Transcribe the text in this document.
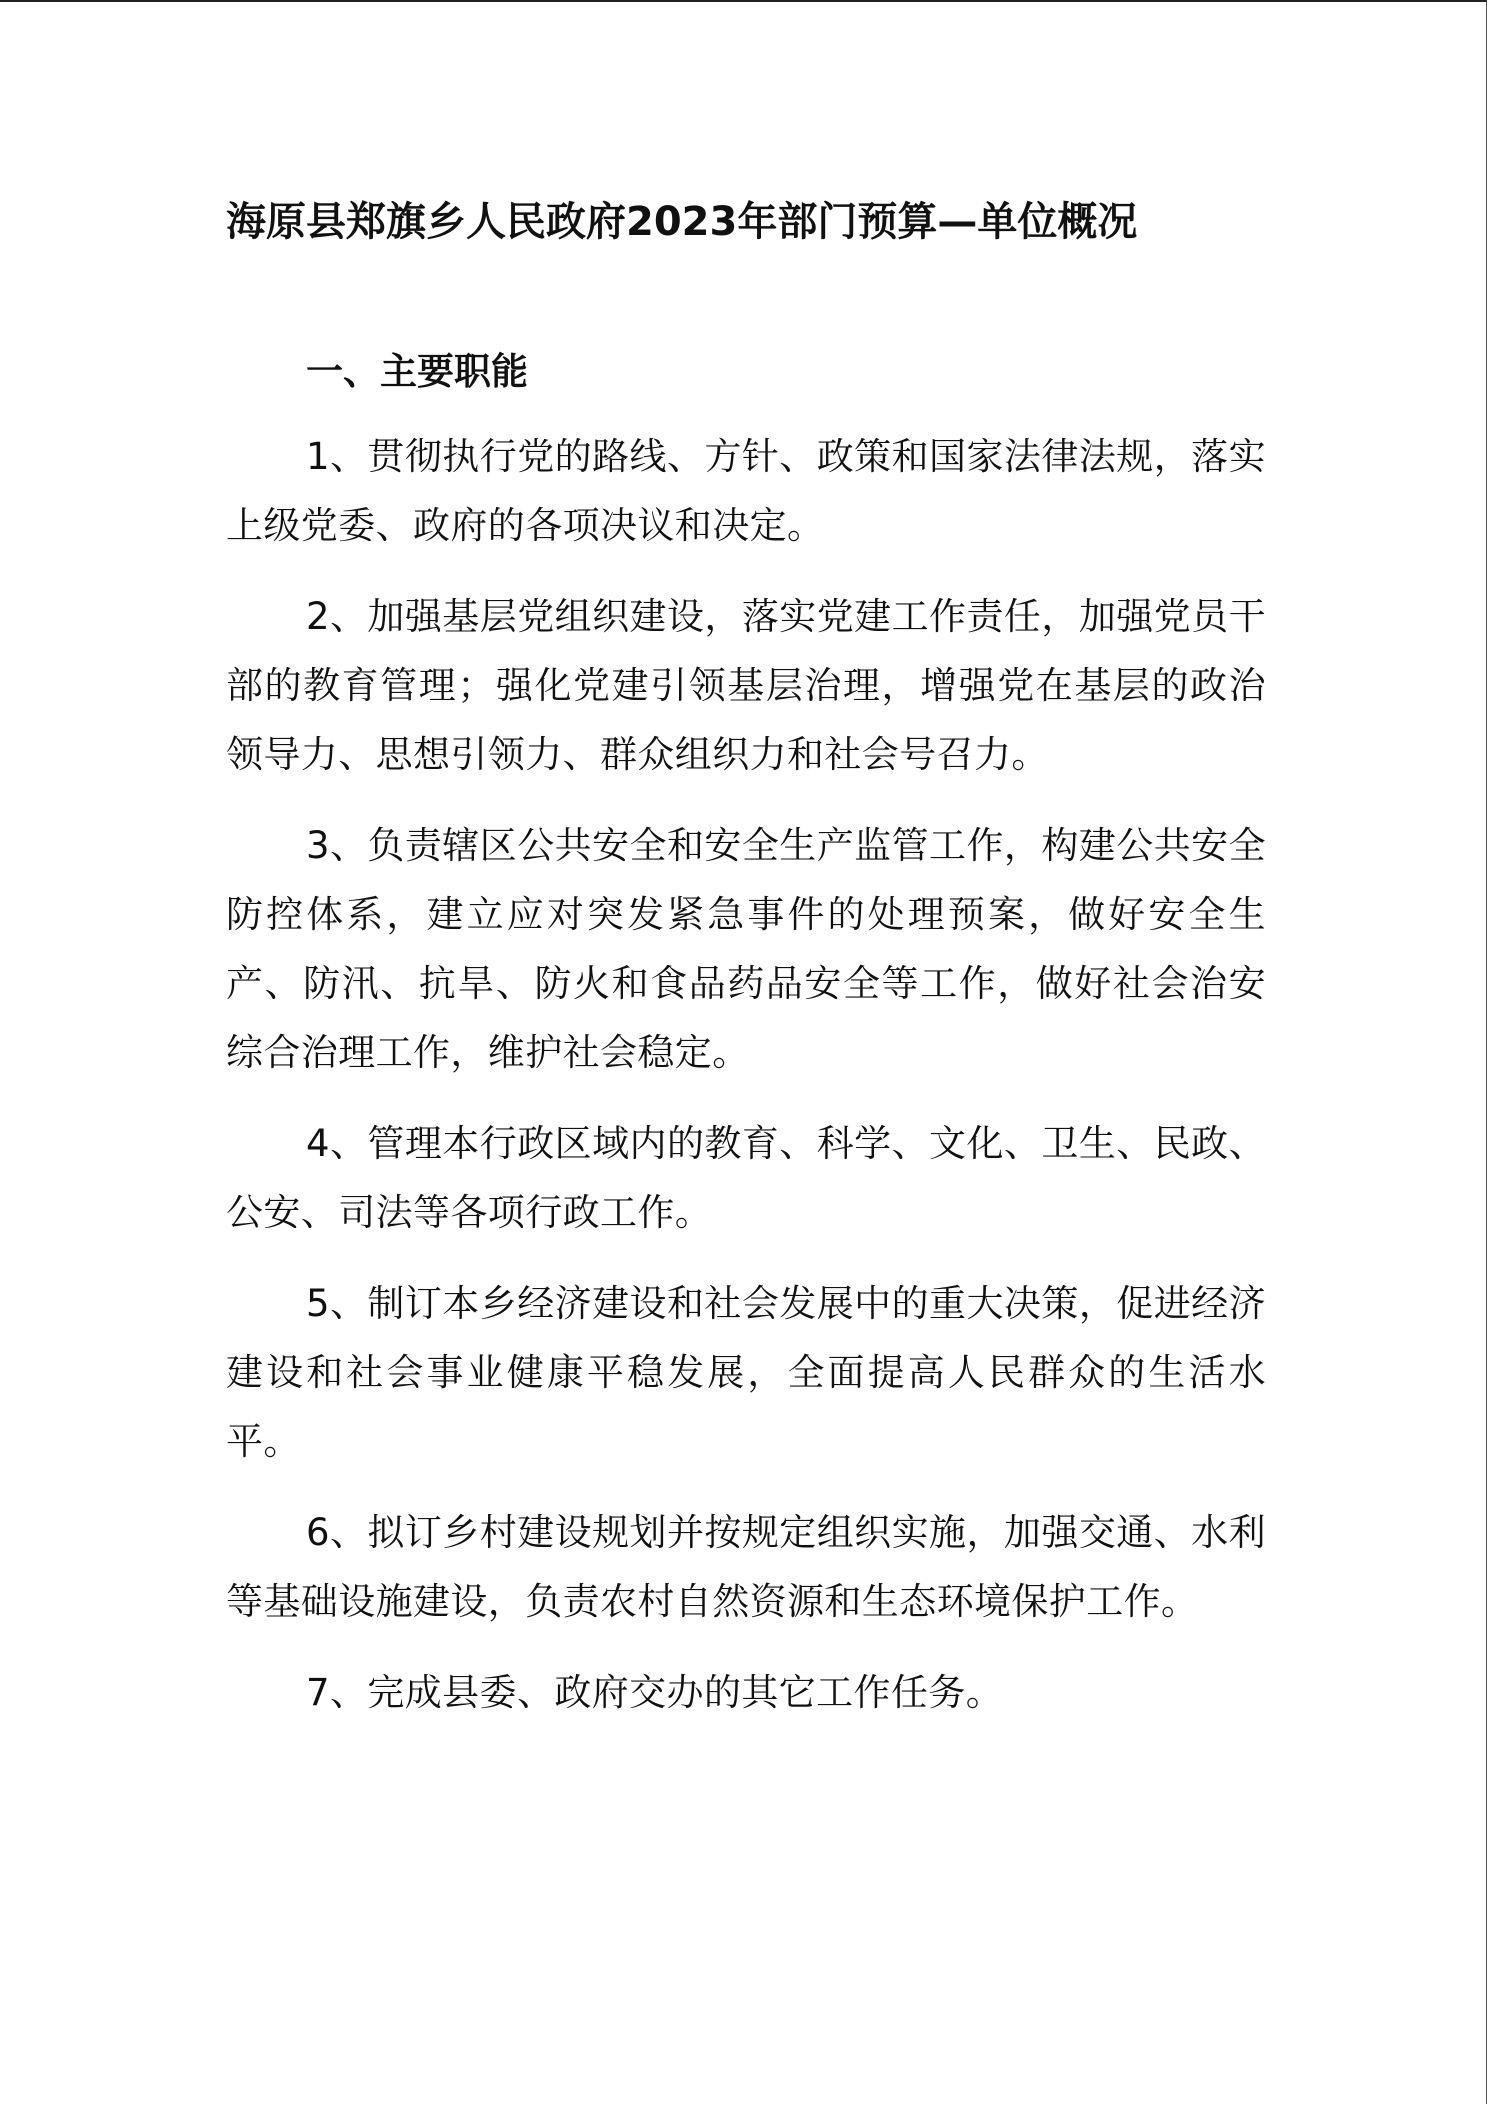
海原县郑旗乡人民政府2023年部门预算—单位概况
一、主要职能

1、贯彻执行党的路线、方针、政策和国家法律法规，落实上级党委、政府的各项决议和决定。

2、加强基层党组织建设，落实党建工作责任，加强党员干部的教育管理；强化党建引领基层治理，增强党在基层的政治领导力、思想引领力、群众组织力和社会号召力。

3、负责辖区公共安全和安全生产监管工作，构建公共安全防控体系，建立应对突发紧急事件的处理预案，做好安全生产、防汛、抗旱、防火和食品药品安全等工作，做好社会治安综合治理工作，维护社会稳定。

4、管理本行政区域内的教育、科学、文化、卫生、民政、公安、司法等各项行政工作。

5、制订本乡经济建设和社会发展中的重大决策，促进经济建设和社会事业健康平稳发展，全面提高人民群众的生活水平。

6、拟订乡村建设规划并按规定组织实施，加强交通、水利等基础设施建设，负责农村自然资源和生态环境保护工作。

7、完成县委、政府交办的其它工作任务。
